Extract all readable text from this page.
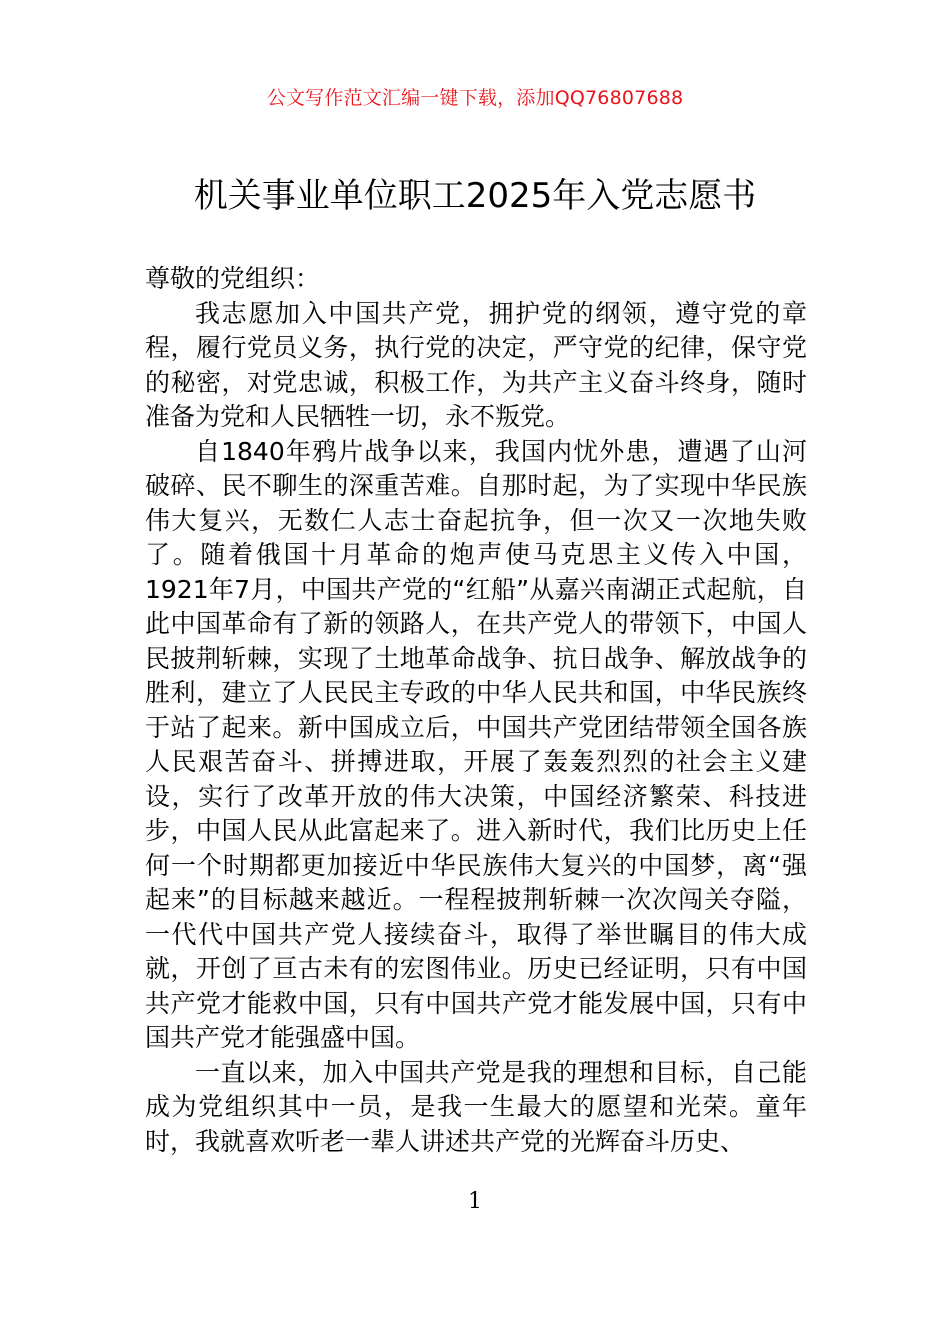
公文写作范文汇编一键下载，添加QQ76807688
机关事业单位职工2025年入党志愿书

尊敬的党组织：

我志愿加入中国共产党，拥护党的纲领，遵守党的章程，履行党员义务，执行党的决定，严守党的纪律，保守党的秘密，对党忠诚，积极工作，为共产主义奋斗终身，随时准备为党和人民牺牲一切，永不叛党。

自1840年鸦片战争以来，我国内忧外患，遭遇了山河破碎、民不聊生的深重苦难。自那时起，为了实现中华民族伟大复兴，无数仁人志士奋起抗争，但一次又一次地失败了。随着俄国十月革命的炮声使马克思主义传入中国，1921年7月，中国共产党的“红船”从嘉兴南湖正式起航，自此中国革命有了新的领路人，在共产党人的带领下，中国人民披荆斩棘，实现了土地革命战争、抗日战争、解放战争的胜利，建立了人民民主专政的中华人民共和国，中华民族终于站了起来。新中国成立后，中国共产党团结带领全国各族人民艰苦奋斗、拼搏进取，开展了轰轰烈烈的社会主义建设，实行了改革开放的伟大决策，中国经济繁荣、科技进步，中国人民从此富起来了。进入新时代，我们比历史上任何一个时期都更加接近中华民族伟大复兴的中国梦，离“强起来”的目标越来越近。一程程披荆斩棘一次次闯关夺隘，一代代中国共产党人接续奋斗，取得了举世瞩目的伟大成就，开创了亘古未有的宏图伟业。历史已经证明，只有中国共产党才能救中国，只有中国共产党才能发展中国，只有中国共产党才能强盛中国。

一直以来，加入中国共产党是我的理想和目标，自己能成为党组织其中一员，是我一生最大的愿望和光荣。童年时，我就喜欢听老一辈人讲述共产党的光辉奋斗历史、

1
